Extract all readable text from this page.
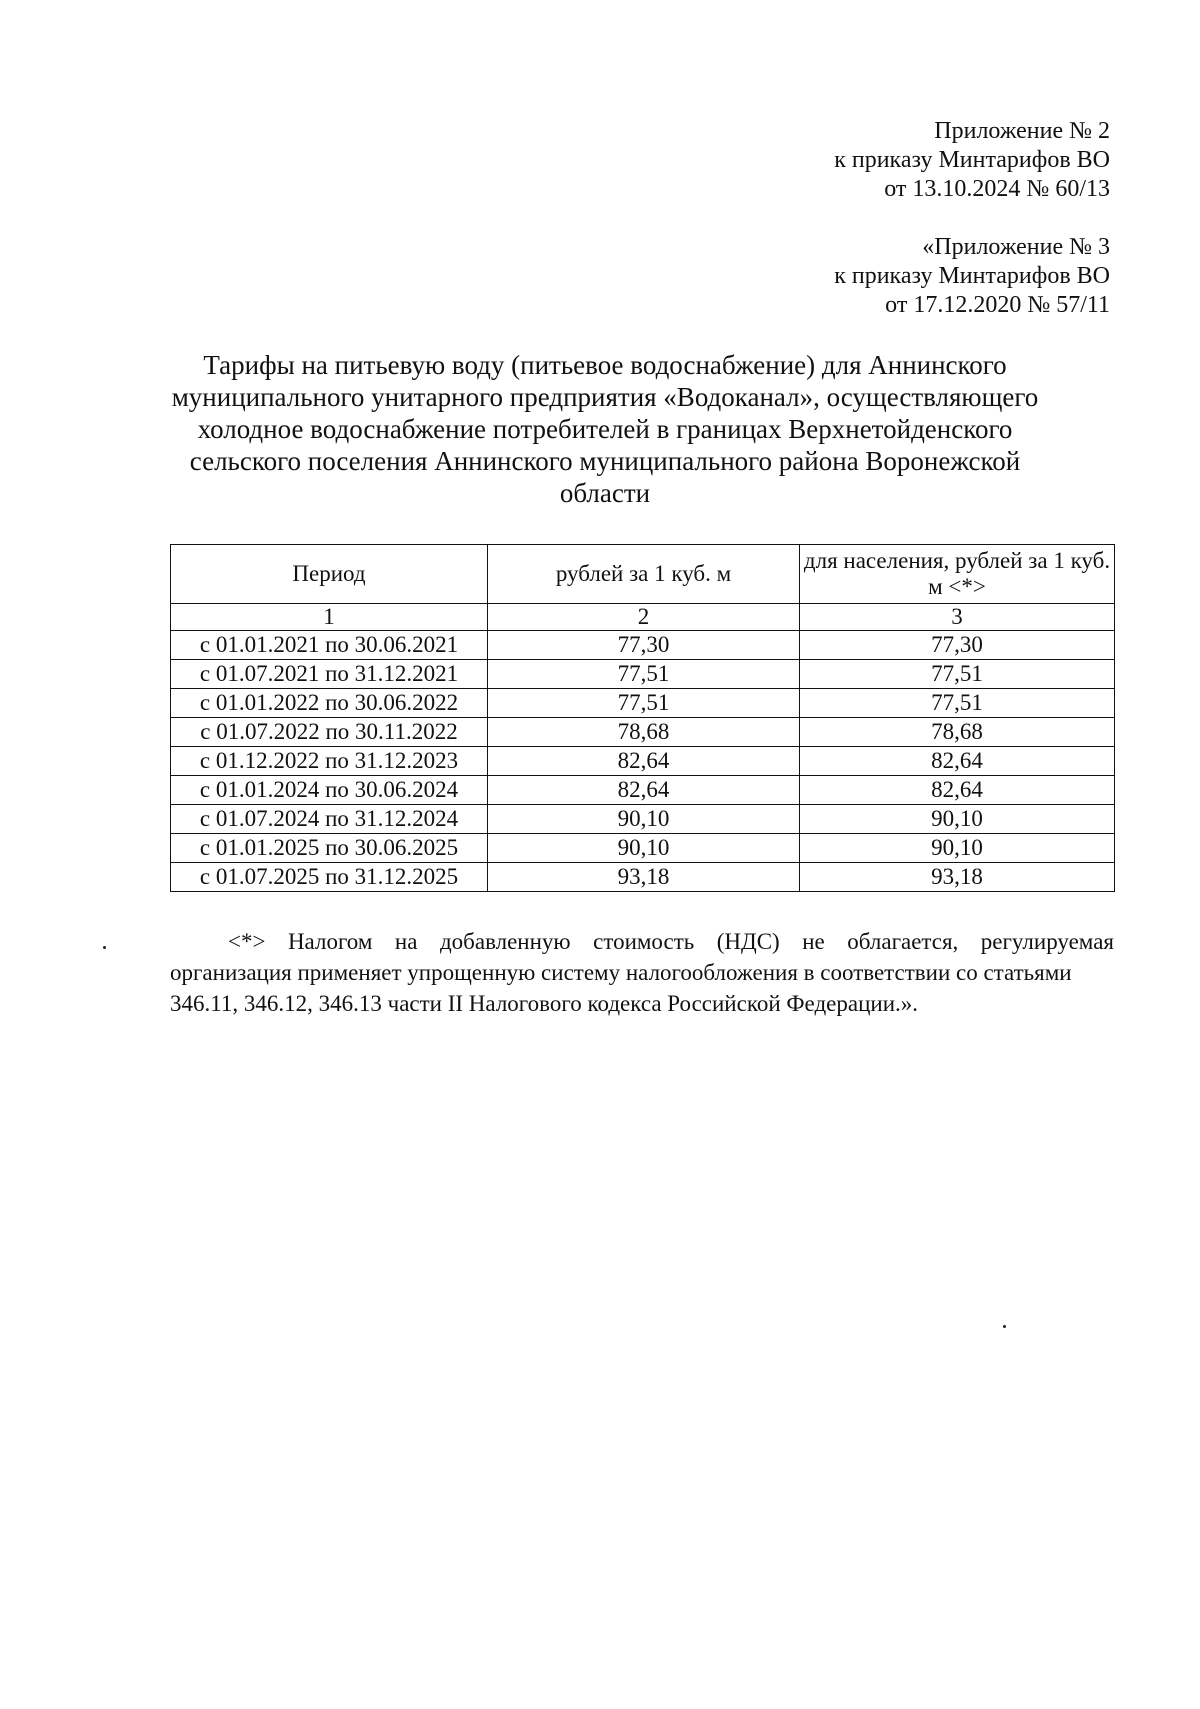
Приложение № 2
к приказу Минтарифов ВО
от 13.10.2024 № 60/13
«Приложение № 3
к приказу Минтарифов ВО
от 17.12.2020 № 57/11
Тарифы на питьевую воду (питьевое водоснабжение) для Аннинского
муниципального унитарного предприятия «Водоканал», осуществляющего
холодное водоснабжение потребителей в границах Верхнетойденского
сельского поселения Аннинского муниципального района Воронежской
области
Период	рублей за 1 куб. м	для населения, рублей за 1 куб. м <*>
1	2	3
с 01.01.2021 по 30.06.2021	77,30	77,30
с 01.07.2021 по 31.12.2021	77,51	77,51
с 01.01.2022 по 30.06.2022	77,51	77,51
с 01.07.2022 по 30.11.2022	78,68	78,68
с 01.12.2022 по 31.12.2023	82,64	82,64
с 01.01.2024 по 30.06.2024	82,64	82,64
с 01.07.2024 по 31.12.2024	90,10	90,10
с 01.01.2025 по 30.06.2025	90,10	90,10
с 01.07.2025 по 31.12.2025	93,18	93,18
<*> Налогом на добавленную стоимость (НДС) не облагается, регулируемая
организация применяет упрощенную систему налогообложения в соответствии со статьями
346.11, 346.12, 346.13 части II Налогового кодекса Российской Федерации.».
